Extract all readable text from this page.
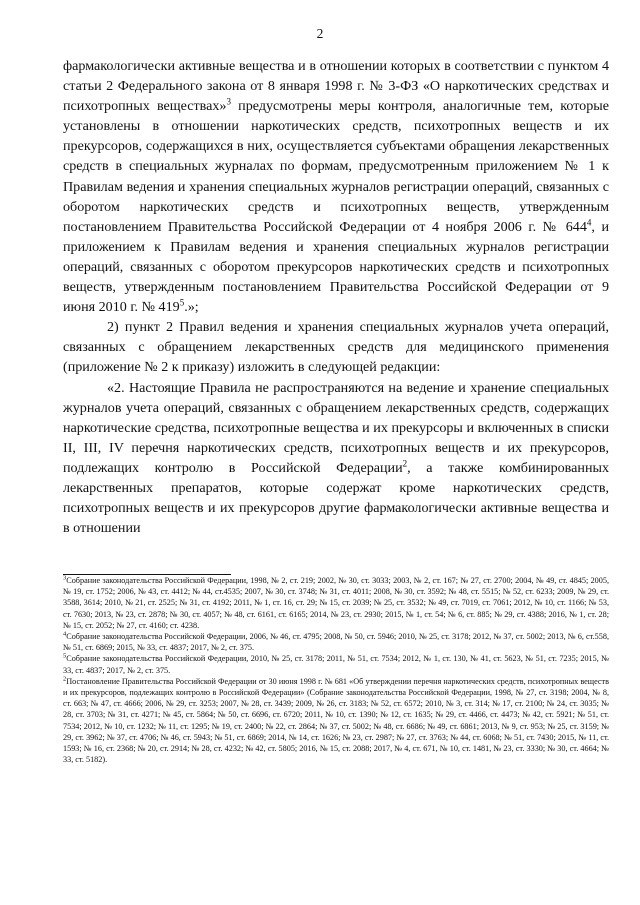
2

фармакологически активные вещества и в отношении которых в соответствии с пунктом 4 статьи 2 Федерального закона от 8 января 1998 г. № 3-ФЗ «О наркотических средствах и психотропных веществах»$^3$ предусмотрены меры контроля, аналогичные тем, которые установлены в отношении наркотических средств, психотропных веществ и их прекурсоров, содержащихся в них, осуществляется субъектами обращения лекарственных средств в специальных журналах по формам, предусмотренным приложением № 1 к Правилам ведения и хранения специальных журналов регистрации операций, связанных с оборотом наркотических средств и психотропных веществ, утвержденным постановлением Правительства Российской Федерации от 4 ноября 2006 г. № $644^4$, и приложением к Правилам ведения и хранения специальных журналов регистрации операций, связанных с оборотом прекурсоров наркотических средств и психотропных веществ, утвержденным постановлением Правительства Российской Федерации от 9 июня 2010 г. № $419^5$.»;

2) пункт 2 Правил ведения и хранения специальных журналов учета операций, связанных с обращением лекарственных средств для медицинского применения (приложение № 2 к приказу) изложить в следующей редакции:

«2. Настоящие Правила не распространяются на ведение и хранение специальных журналов учета операций, связанных с обращением лекарственных средств, содержащих наркотические средства, психотропные вещества и их прекурсоры и включенных в списки II, III, IV перечня наркотических средств, психотропных веществ и их прекурсоров, подлежащих контролю в Российской Федерации$^2$, а также комбинированных лекарственных препаратов, которые содержат кроме наркотических средств, психотропных веществ и их прекурсоров другие фармакологически активные вещества и в отношении

$^3$Собрание законодательства Российской Федерации, 1998, № 2, ст. 219; 2002, № 30, ст. 3033; 2003, № 2, ст. 167; № 27, ст. 2700; 2004, № 49, ст. 4845; 2005, № 19, ст. 1752; 2006, № 43, ст. 4412; № 44, ст.4535; 2007, № 30, ст. 3748; № 31, ст. 4011; 2008, № 30, ст. 3592; № 48, ст. 5515; № 52, ст. 6233; 2009, № 29, ст. 3588, 3614; 2010, № 21, ст. 2525; № 31, ст. 4192; 2011, № 1, ст. 16, ст. 29; № 15, ст. 2039; № 25, ст. 3532; № 49, ст. 7019, ст. 7061; 2012, № 10, ст. 1166; № 53, ст. 7630; 2013, № 23, ст. 2878; № 30, ст. 4057; № 48, ст. 6161, ст. 6165; 2014, № 23, ст. 2930; 2015, № 1, ст. 54; № 6, ст. 885; № 29, ст. 4388; 2016, № 1, ст. 28; № 15, ст. 2052; № 27, ст. 4160; ст. 4238.

$^4$Собрание законодательства Российской Федерации, 2006, № 46, ст. 4795; 2008, № 50, ст. 5946; 2010, № 25, ст. 3178; 2012, № 37, ст. 5002; 2013, № 6, ст.558, № 51, ст. 6869; 2015, № 33, ст. 4837; 2017, № 2, ст. 375.

$^5$Собрание законодательства Российской Федерации, 2010, № 25, ст. 3178; 2011, № 51, ст. 7534; 2012, № 1, ст. 130, № 41, ст. 5623, № 51, ст. 7235; 2015, № 33, ст. 4837; 2017, № 2, ст. 375.

$^2$Постановление Правительства Российской Федерации от 30 июня 1998 г. № 681 «Об утверждении перечня наркотических средств, психотропных веществ и их прекурсоров, подлежащих контролю в Российской Федерации» (Собрание законодательства Российской Федерации, 1998, № 27, ст. 3198; 2004, № 8, ст. 663; № 47, ст. 4666; 2006, № 29, ст. 3253; 2007, № 28, ст. 3439; 2009, № 26, ст. 3183; № 52, ст. 6572; 2010, № 3, ст. 314; № 17, ст. 2100; № 24, ст. 3035; № 28, ст. 3703; № 31, ст. 4271; № 45, ст. 5864; № 50, ст. 6696, ст. 6720; 2011, № 10, ст. 1390; № 12, ст. 1635; № 29, ст. 4466, ст. 4473; № 42, ст. 5921; № 51, ст. 7534; 2012, № 10, ст. 1232; № 11, ст. 1295; № 19, ст. 2400; № 22, ст. 2864; № 37, ст. 5002; № 48, ст. 6686; № 49, ст. 6861; 2013, № 9, ст. 953; № 25, ст. 3159; № 29, ст. 3962; № 37, ст. 4706; № 46, ст. 5943; № 51, ст. 6869; 2014, № 14, ст. 1626; № 23, ст. 2987; № 27, ст. 3763; № 44, ст. 6068; № 51, ст. 7430; 2015, № 11, ст. 1593; № 16, ст. 2368; № 20, ст. 2914; № 28, ст. 4232; № 42, ст. 5805; 2016, № 15, ст. 2088; 2017, № 4, ст. 671, № 10, ст. 1481, № 23, ст. 3330; № 30, ст. 4664; № 33, ст. 5182).
